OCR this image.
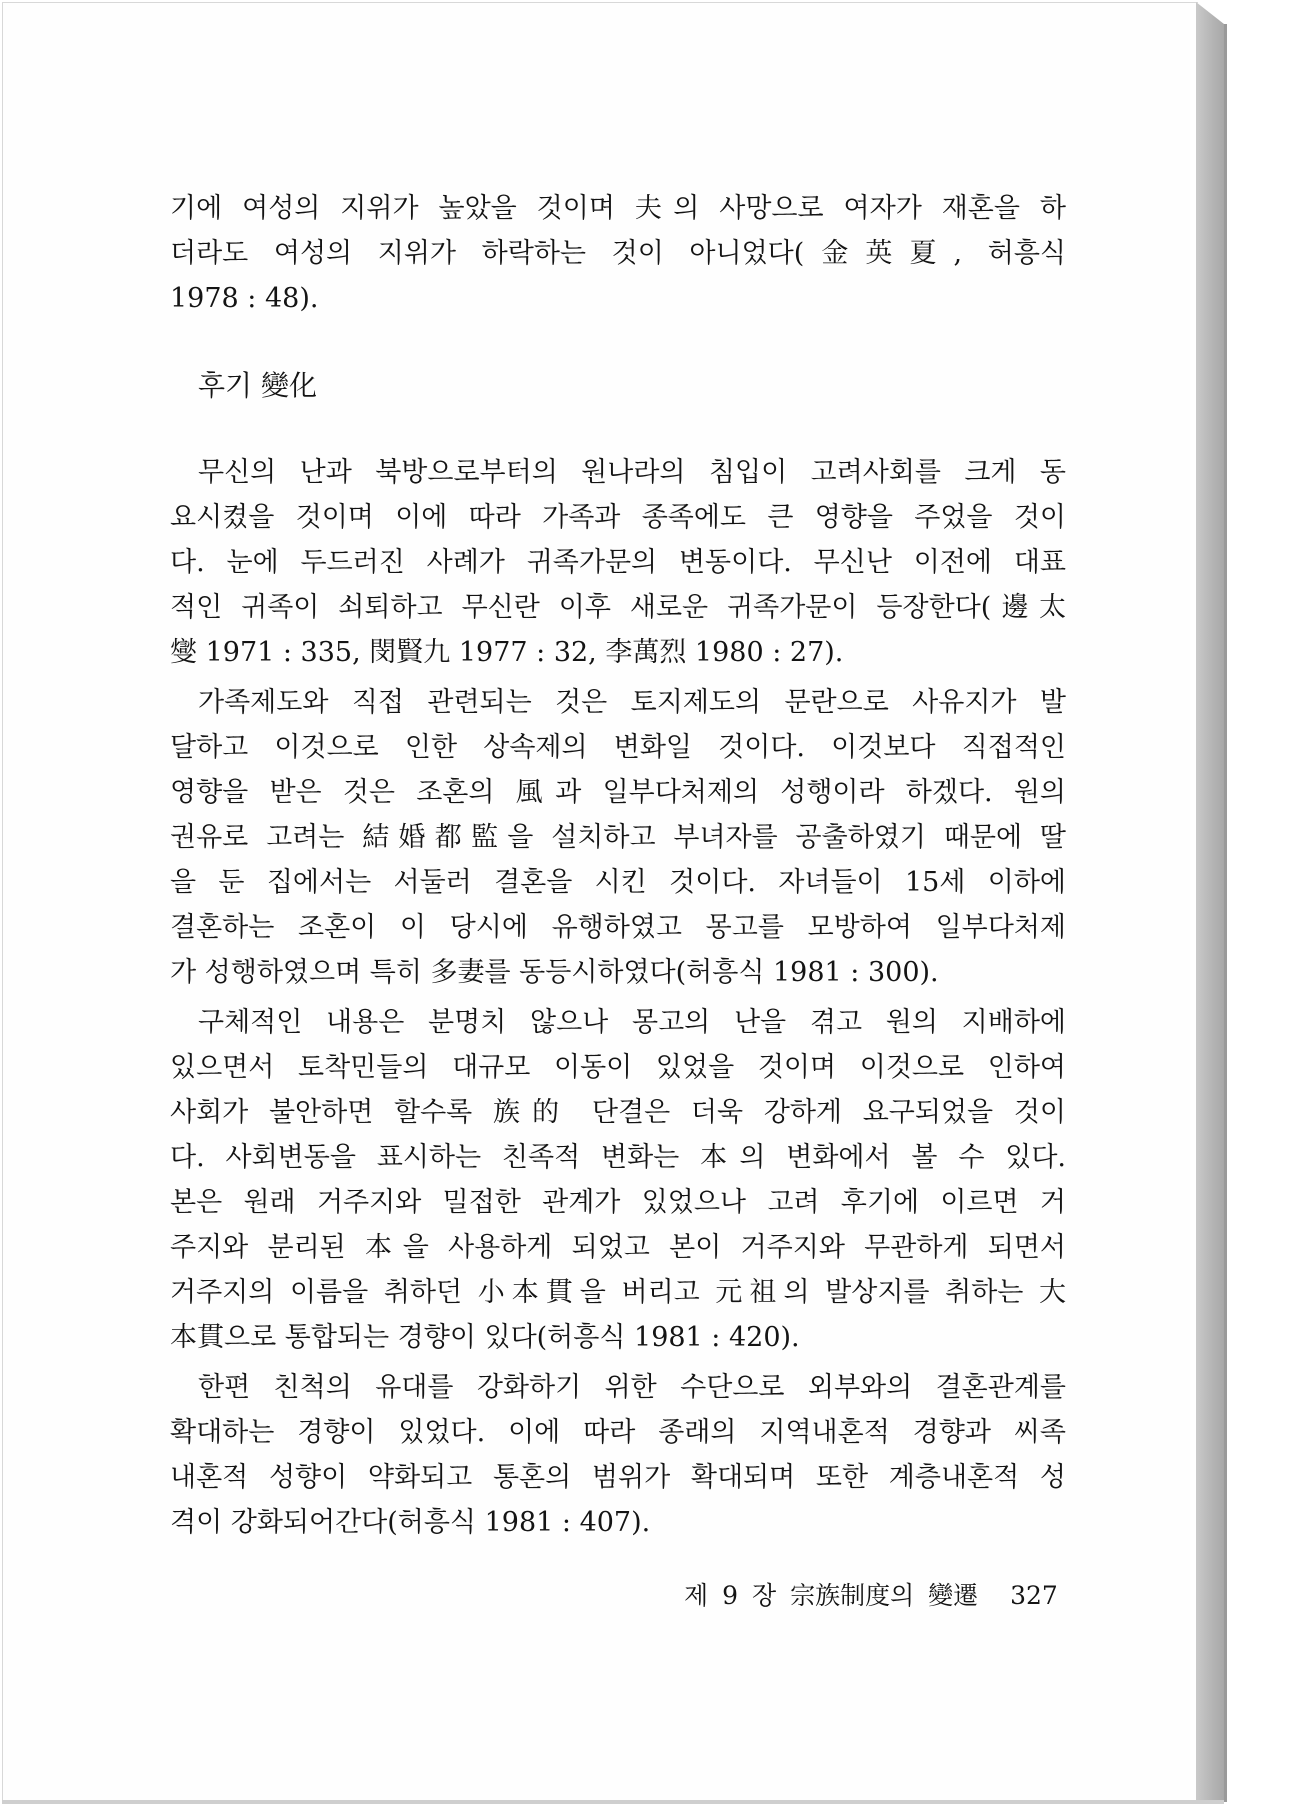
기에 여성의 지위가 높았을 것이며 夫의 사망으로 여자가 재혼을 하
더라도 여성의 지위가 하락하는 것이 아니었다(金英夏, 허흥식
1978 : 48).
후기 變化
무신의 난과 북방으로부터의 원나라의 침입이 고려사회를 크게 동
요시켰을 것이며 이에 따라 가족과 종족에도 큰 영향을 주었을 것이
다. 눈에 두드러진 사례가 귀족가문의 변동이다. 무신난 이전에 대표
적인 귀족이 쇠퇴하고 무신란 이후 새로운 귀족가문이 등장한다(邊太
燮 1971 : 335, 閔賢九 1977 : 32, 李萬烈 1980 : 27).
가족제도와 직접 관련되는 것은 토지제도의 문란으로 사유지가 발
달하고 이것으로 인한 상속제의 변화일 것이다. 이것보다 직접적인
영향을 받은 것은 조혼의 風과 일부다처제의 성행이라 하겠다. 원의
권유로 고려는 結婚都監을 설치하고 부녀자를 공출하였기 때문에 딸
을 둔 집에서는 서둘러 결혼을 시킨 것이다. 자녀들이 15세 이하에
결혼하는 조혼이 이 당시에 유행하였고 몽고를 모방하여 일부다처제
가 성행하였으며 특히 多妻를 동등시하였다(허흥식 1981 : 300).
구체적인 내용은 분명치 않으나 몽고의 난을 겪고 원의 지배하에
있으면서 토착민들의 대규모 이동이 있었을 것이며 이것으로 인하여
사회가 불안하면 할수록 族的 단결은 더욱 강하게 요구되었을 것이
다. 사회변동을 표시하는 친족적 변화는 本의 변화에서 볼 수 있다.
본은 원래 거주지와 밀접한 관계가 있었으나 고려 후기에 이르면 거
주지와 분리된 本을 사용하게 되었고 본이 거주지와 무관하게 되면서
거주지의 이름을 취하던 小本貫을 버리고 元祖의 발상지를 취하는 大
本貫으로 통합되는 경향이 있다(허흥식 1981 : 420).
한편 친척의 유대를 강화하기 위한 수단으로 외부와의 결혼관계를
확대하는 경향이 있었다. 이에 따라 종래의 지역내혼적 경향과 씨족
내혼적 성향이 약화되고 통혼의 범위가 확대되며 또한 계층내혼적 성
격이 강화되어간다(허흥식 1981 : 407).
제 9 장 宗族制度의 變遷 327
